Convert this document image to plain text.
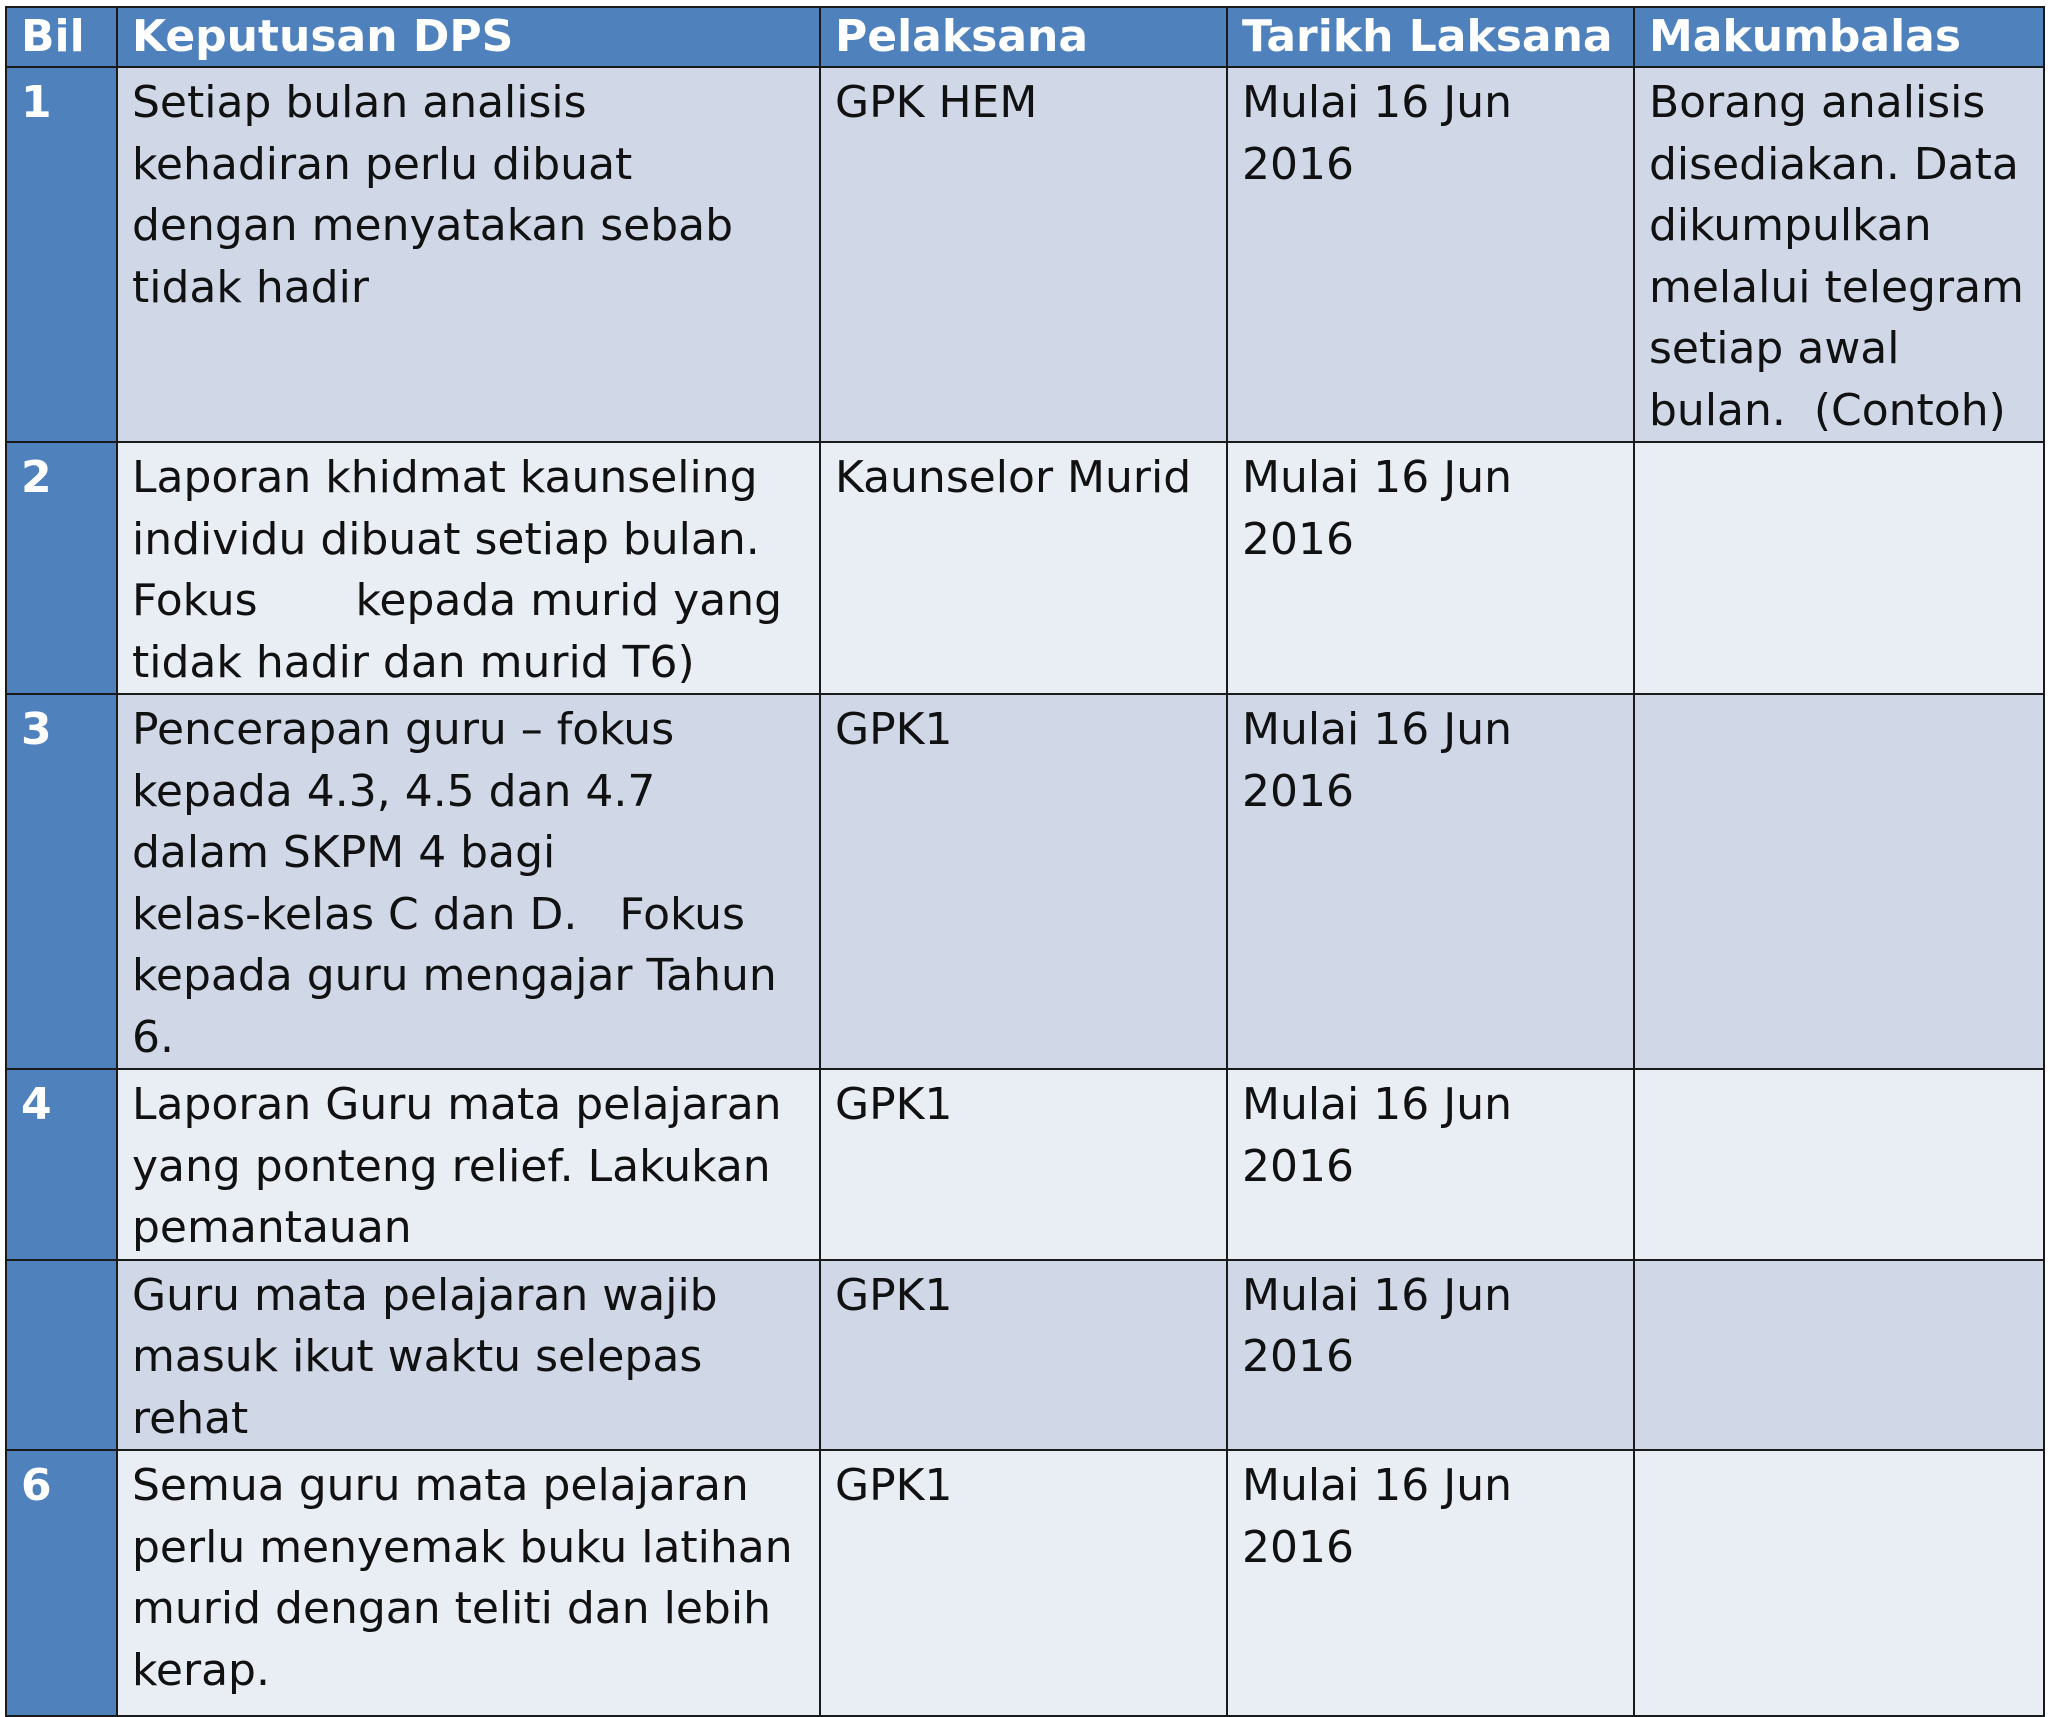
Bil	Keputusan DPS	Pelaksana	Tarikh Laksana	Makumbalas
1	Setiap bulan analisis kehadiran perlu dibuat dengan menyatakan sebab tidak hadir	GPK HEM	Mulai 16 Jun 2016	Borang analisis disediakan. Data dikumpulkan melalui telegram setiap awal bulan.  (Contoh)

2	Laporan khidmat kaunseling individu dibuat setiap bulan. Fokus       kepada murid yang tidak hadir dan murid T6)	Kaunselor Murid	Mulai 16 Jun 2016	
3	Pencerapan guru – fokus kepada 4.3, 4.5 dan 4.7 dalam SKPM 4 bagi            kelas-kelas C dan D.   Fokus kepada guru mengajar Tahun 6.	GPK1	Mulai 16 Jun 2016	
4	Laporan Guru mata pelajaran yang ponteng relief. Lakukan pemantauan	GPK1	Mulai 16 Jun 2016	

	Guru mata pelajaran wajib masuk ikut waktu selepas rehat	GPK1	Mulai 16 Jun 2016	
6	Semua guru mata pelajaran perlu menyemak buku latihan murid dengan teliti dan lebih kerap.	GPK1	Mulai 16 Jun 2016	
